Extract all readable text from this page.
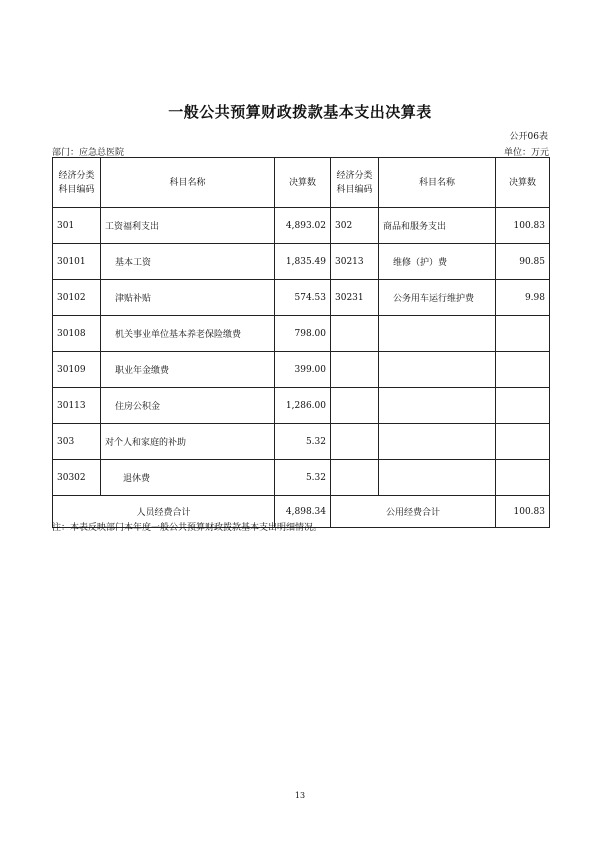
一般公共预算财政拨款基本支出决算表
公开06表
部门：应急总医院	单位：万元
经济分类科目编码	科目名称	决算数	经济分类科目编码	科目名称	决算数
301	工资福利支出	4,893.02	302	商品和服务支出	100.83
30101	基本工资	1,835.49	30213	维修（护）费	90.85
30102	津贴补贴	574.53	30231	公务用车运行维护费	9.98
30108	机关事业单位基本养老保险缴费	798.00			
30109	职业年金缴费	399.00			
30113	住房公积金	1,286.00			
303	对个人和家庭的补助	5.32			
30302	退休费	5.32			
人员经费合计		4,898.34	公用经费合计		100.83
注：本表反映部门本年度一般公共预算财政拨款基本支出明细情况。
13
